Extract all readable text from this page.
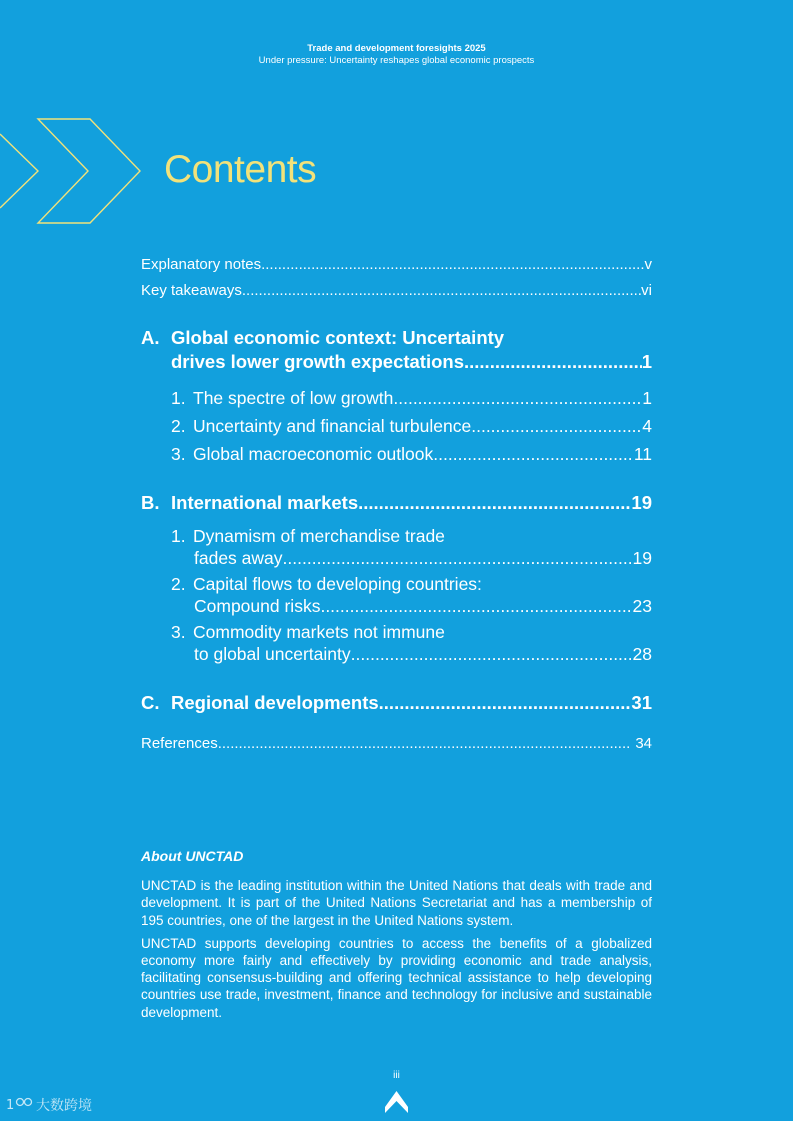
Trade and development foresights 2025
Under pressure: Uncertainty reshapes global economic prospects
Contents
Explanatory notes .....	v
Key takeaways .....	vi
A. Global economic context: Uncertainty
drives lower growth expectations .....	1
1. The spectre of low growth .....	1
2. Uncertainty and financial turbulence .....	4
3. Global macroeconomic outlook .....	11
B. International markets .....	19
1. Dynamism of merchandise trade
fades away .....	19
2. Capital flows to developing countries:
Compound risks .....	23
3. Commodity markets not immune
to global uncertainty .....	28
C. Regional developments .....	31
References .....	34
About UNCTAD

UNCTAD is the leading institution within the United Nations that deals with trade and development. It is part of the United Nations Secretariat and has a membership of 195 countries, one of the largest in the United Nations system.

UNCTAD supports developing countries to access the benefits of a globalized economy more fairly and effectively by providing economic and trade analysis, facilitating consensus-building and offering technical assistance to help developing countries use trade, investment, finance and technology for inclusive and sustainable development.

iii
1 大数跨境
